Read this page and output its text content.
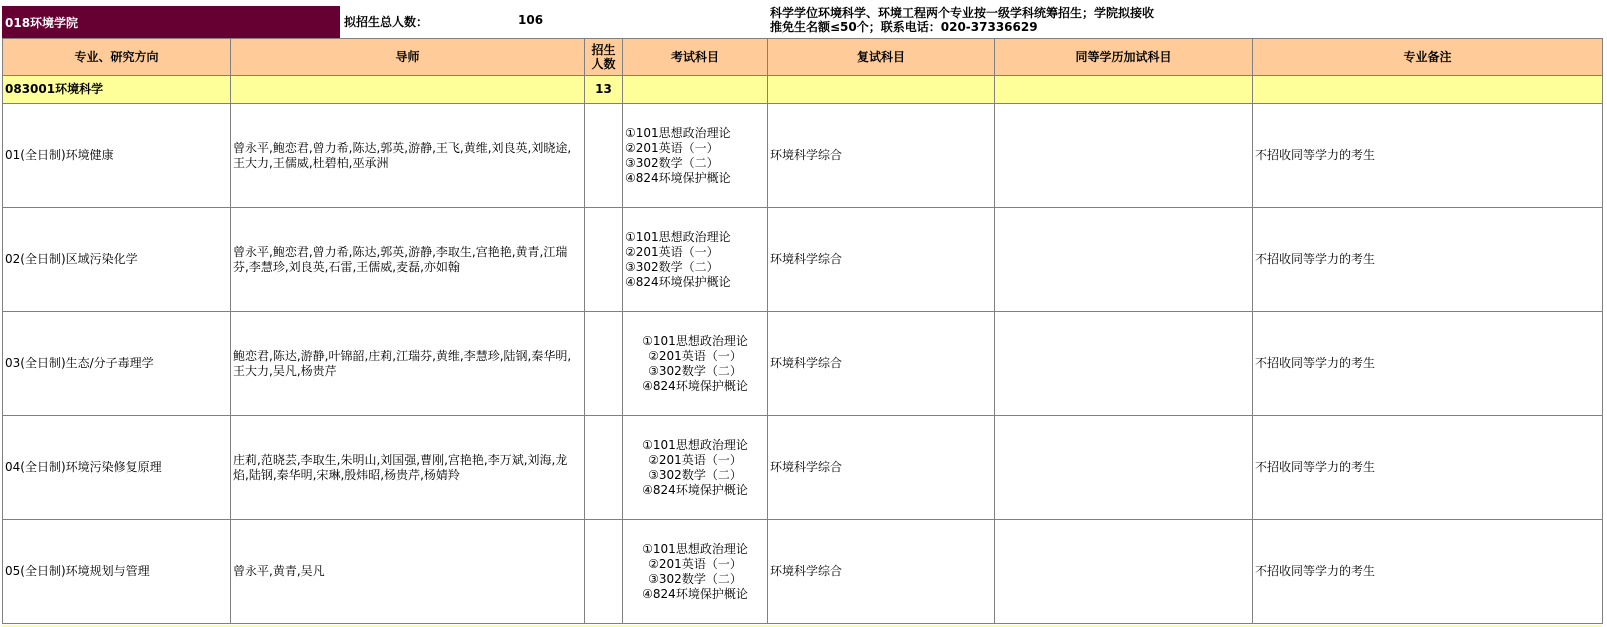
018环境学院	拟招生总人数：	106	科学学位环境科学、环境工程两个专业按一级学科统筹招生；学院拟接收
推免生名额≤50个；联系电话：020-37336629
专业、研究方向	导师	招生人数	考试科目	复试科目	同等学历加试科目	专业备注
083001环境科学		13				
01(全日制)环境健康	曾永平,鲍恋君,曾力希,陈达,郭英,游静,王飞,黄维,刘良英,刘晓途,王大力,王儒威,杜碧柏,巫承洲		①101思想政治理论
②201英语（一）
③302数学（二）
④824环境保护概论	环境科学综合		不招收同等学力的考生
02(全日制)区域污染化学	曾永平,鲍恋君,曾力希,陈达,郭英,游静,李取生,宫艳艳,黄青,江瑞芬,李慧珍,刘良英,石雷,王儒威,麦磊,亦如翰		①101思想政治理论
②201英语（一）
③302数学（二）
④824环境保护概论	环境科学综合		不招收同等学力的考生
03(全日制)生态/分子毒理学	鲍恋君,陈达,游静,叶锦韶,庄莉,江瑞芬,黄维,李慧珍,陆钢,秦华明,王大力,吴凡,杨贵芹		①101思想政治理论
②201英语（一）
③302数学（二）
④824环境保护概论	环境科学综合		不招收同等学力的考生
04(全日制)环境污染修复原理	庄莉,范晓芸,李取生,朱明山,刘国强,曹刚,宫艳艳,李万斌,刘海,龙焰,陆钢,秦华明,宋琳,殷炜昭,杨贵芹,杨婧羚		①101思想政治理论
②201英语（一）
③302数学（二）
④824环境保护概论	环境科学综合		不招收同等学力的考生
05(全日制)环境规划与管理	曾永平,黄青,吴凡		①101思想政治理论
②201英语（一）
③302数学（二）
④824环境保护概论	环境科学综合		不招收同等学力的考生
